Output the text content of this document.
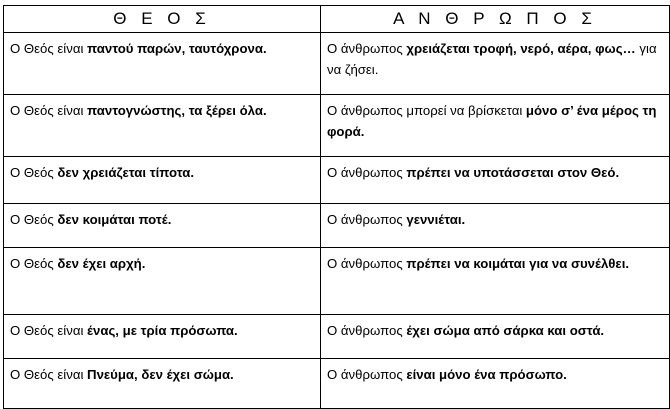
Θ Ε Ο Σ	Α Ν Θ Ρ Ω Π Ο Σ
Ο Θεός είναι παντού παρών, ταυτόχρονα.	Ο άνθρωπος χρειάζεται τροφή, νερό, αέρα, φως… για να ζήσει.
Ο Θεός είναι παντογνώστης, τα ξέρει όλα.	Ο άνθρωπος μπορεί να βρίσκεται μόνο σ’ ένα μέρος τη φορά.
Ο Θεός δεν χρειάζεται τίποτα.	Ο άνθρωπος πρέπει να υποτάσσεται στον Θεό.
Ο Θεός δεν κοιμάται ποτέ.	Ο άνθρωπος γεννιέται.
Ο Θεός δεν έχει αρχή.	Ο άνθρωπος πρέπει να κοιμάται για να συνέλθει.
Ο Θεός είναι ένας, με τρία πρόσωπα.	Ο άνθρωπος έχει σώμα από σάρκα και οστά.
Ο Θεός είναι Πνεύμα, δεν έχει σώμα.	Ο άνθρωπος είναι μόνο ένα πρόσωπο.
